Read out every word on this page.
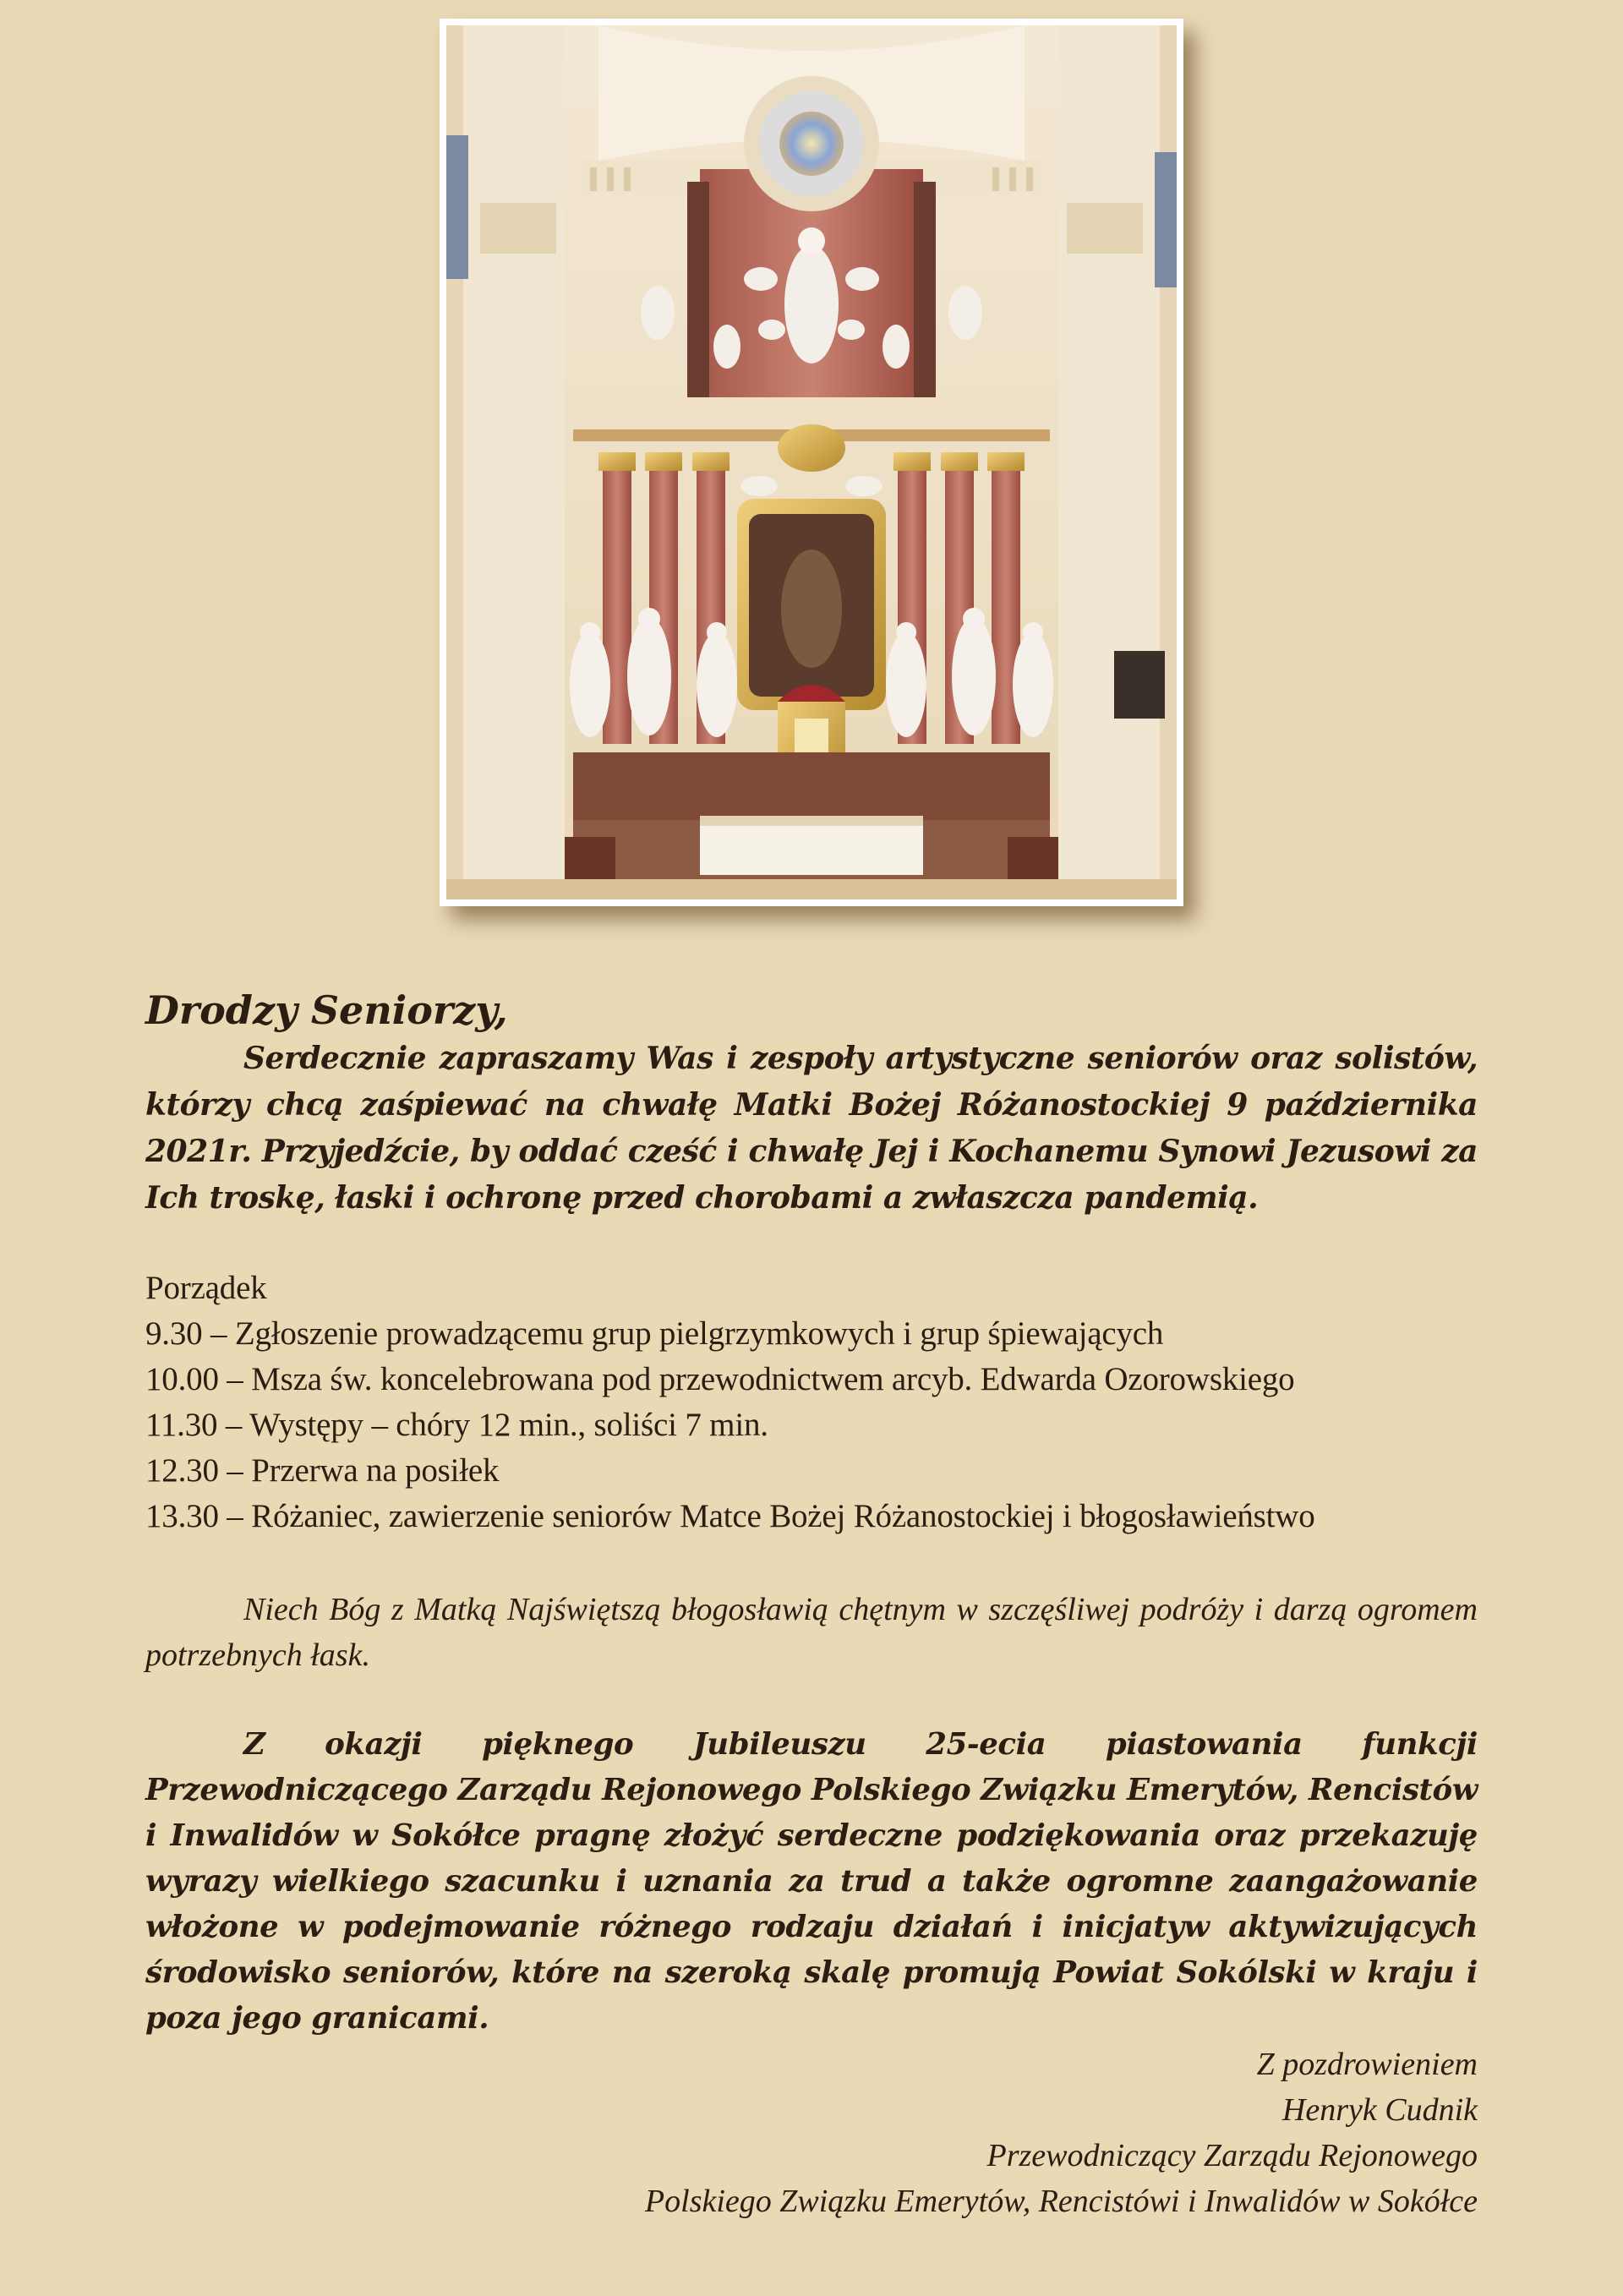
Drodzy Seniorzy,

Serdecznie zapraszamy Was i zespoły artystyczne seniorów oraz solistów, którzy chcą zaśpiewać na chwałę Matki Bożej Różanostockiej 9 października 2021r. Przyjedźcie, by oddać cześć i chwałę Jej i Kochanemu Synowi Jezusowi za Ich troskę, łaski i ochronę przed chorobami a zwłaszcza pandemią.

Porządek
9.30 – Zgłoszenie prowadzącemu grup pielgrzymkowych i grup śpiewających
10.00 – Msza św. koncelebrowana pod przewodnictwem arcyb. Edwarda Ozorowskiego
11.30 – Występy – chóry 12 min., soliści 7 min.
12.30 – Przerwa na posiłek
13.30 – Różaniec, zawierzenie seniorów Matce Bożej Różanostockiej i błogosławieństwo
Niech Bóg z Matką Najświętszą błogosławią chętnym w szczęśliwej podróży i darzą ogromem potrzebnych łask.
Z okazji pięknego Jubileuszu 25-ecia piastowania funkcji Przewodniczącego Zarządu Rejonowego Polskiego Związku Emerytów, Rencistów i Inwalidów w Sokółce pragnę złożyć serdeczne podziękowania oraz przekazuję wyrazy wielkiego szacunku i uznania za trud a także ogromne zaangażowanie włożone w podejmowanie różnego rodzaju działań i inicjatyw aktywizujących środowisko seniorów, które na szeroką skalę promują Powiat Sokólski w kraju i poza jego granicami.
Z pozdrowieniem
Henryk Cudnik
Przewodniczący Zarządu Rejonowego
Polskiego Związku Emerytów, Rencistówi i Inwalidów w Sokółce
